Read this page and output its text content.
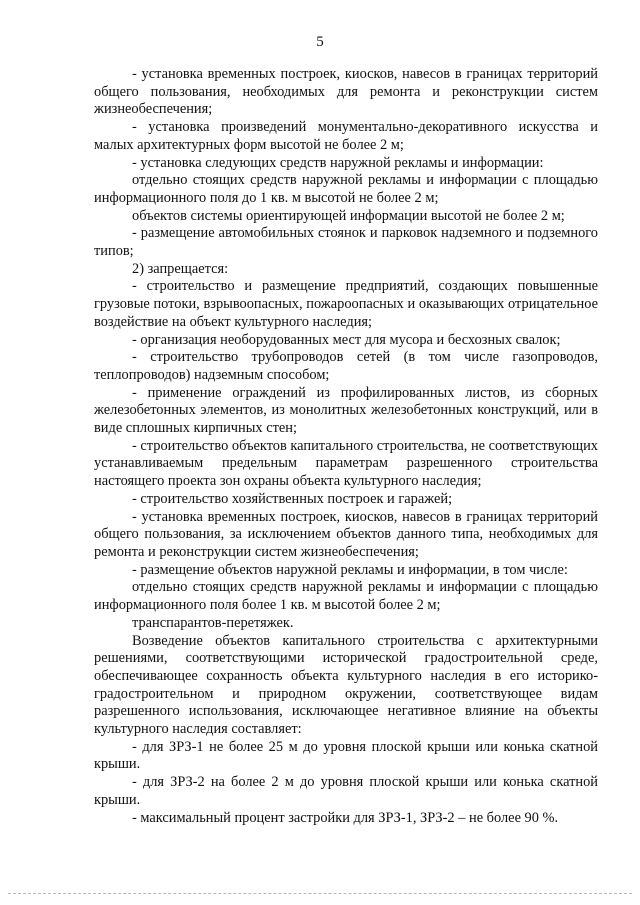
5

- установка временных построек, киосков, навесов в границах территорий общего пользования, необходимых для ремонта и реконструкции систем жизнеобеспечения;

- установка произведений монументально-декоративного искусства и малых архитектурных форм высотой не более 2 м;

- установка следующих средств наружной рекламы и информации:

отдельно стоящих средств наружной рекламы и информации с площадью информационного поля до 1 кв. м высотой не более 2 м;

объектов системы ориентирующей информации высотой не более 2 м;

- размещение автомобильных стоянок и парковок надземного и подземного типов;

2) запрещается:

- строительство и размещение предприятий, создающих повышенные грузовые потоки, взрывоопасных, пожароопасных и оказывающих отрицательное воздействие на объект культурного наследия;

- организация необорудованных мест для мусора и бесхозных свалок;

- строительство трубопроводов сетей (в том числе газопроводов, теплопроводов) надземным способом;

- применение ограждений из профилированных листов, из сборных железобетонных элементов, из монолитных железобетонных конструкций, или в виде сплошных кирпичных стен;

- строительство объектов капитального строительства, не соответствующих устанавливаемым предельным параметрам разрешенного строительства настоящего проекта зон охраны объекта культурного наследия;

- строительство хозяйственных построек и гаражей;

- установка временных построек, киосков, навесов в границах территорий общего пользования, за исключением объектов данного типа, необходимых для ремонта и реконструкции систем жизнеобеспечения;

- размещение объектов наружной рекламы и информации, в том числе:

отдельно стоящих средств наружной рекламы и информации с площадью информационного поля более 1 кв. м высотой более 2 м;

транспарантов-перетяжек.

Возведение объектов капитального строительства с архитектурными решениями, соответствующими исторической градостроительной среде, обеспечивающее сохранность объекта культурного наследия в его историко-градостроительном и природном окружении, соответствующее видам разрешенного использования, исключающее негативное влияние на объекты культурного наследия составляет:

- для ЗРЗ-1 не более 25 м до уровня плоской крыши или конька скатной крыши.

- для ЗРЗ-2 на более 2 м до уровня плоской крыши или конька скатной крыши.

- максимальный процент застройки для ЗРЗ-1, ЗРЗ-2 – не более 90 %.
